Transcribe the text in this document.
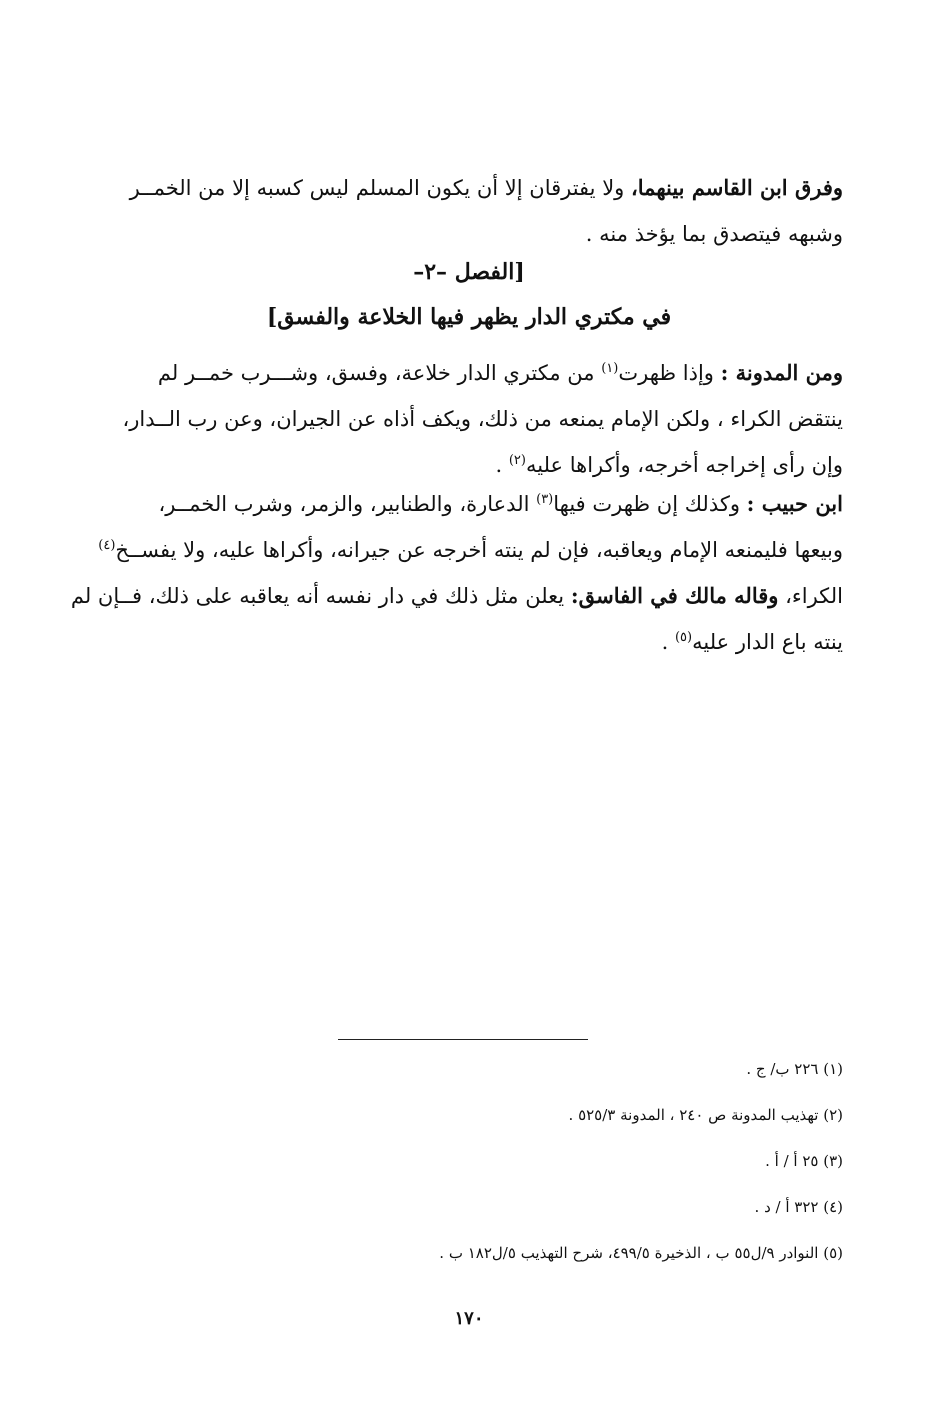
وفرق ابن القاسم بينهما، ولا يفترقان إلا أن يكون المسلم ليس كسبه إلا من الخمــر
وشبهه فيتصدق بما يؤخذ منه .
[الفصل –٢–
في مكتري الدار يظهر فيها الخلاعة والفسق]
ومن المدونة : وإذا ظهرت$^{(١)}$ من مكتري الدار خلاعة، وفسق، وشـــرب خمــر لم
ينتقض الكراء ، ولكن الإمام يمنعه من ذلك، ويكف أذاه عن الجيران، وعن رب الــدار،
وإن رأى إخراجه أخرجه، وأكراها عليه$^{(٢)}$ .
ابن حبيب : وكذلك إن ظهرت فيها$^{(٣)}$ الدعارة، والطنابير، والزمر، وشرب الخمــر،
وبيعها فليمنعه الإمام ويعاقبه، فإن لم ينته أخرجه عن جيرانه، وأكراها عليه، ولا يفســخ$^{(٤)}$
الكراء، وقاله مالك في الفاسق: يعلن مثل ذلك في دار نفسه أنه يعاقبه على ذلك، فــإن لم
ينته باع الدار عليه$^{(٥)}$ .
(١) ٢٢٦ ب/ ج .
(٢) تهذيب المدونة ص ٢٤٠ ، المدونة ٥٢٥/٣ .
(٣) ٢٥ أ / أ .
(٤) ٣٢٢ أ / د .
(٥) النوادر ٩/ل٥٥ ب ، الذخيرة ٤٩٩/٥، شرح التهذيب ٥/ل١٨٢ ب .
١٧٠
